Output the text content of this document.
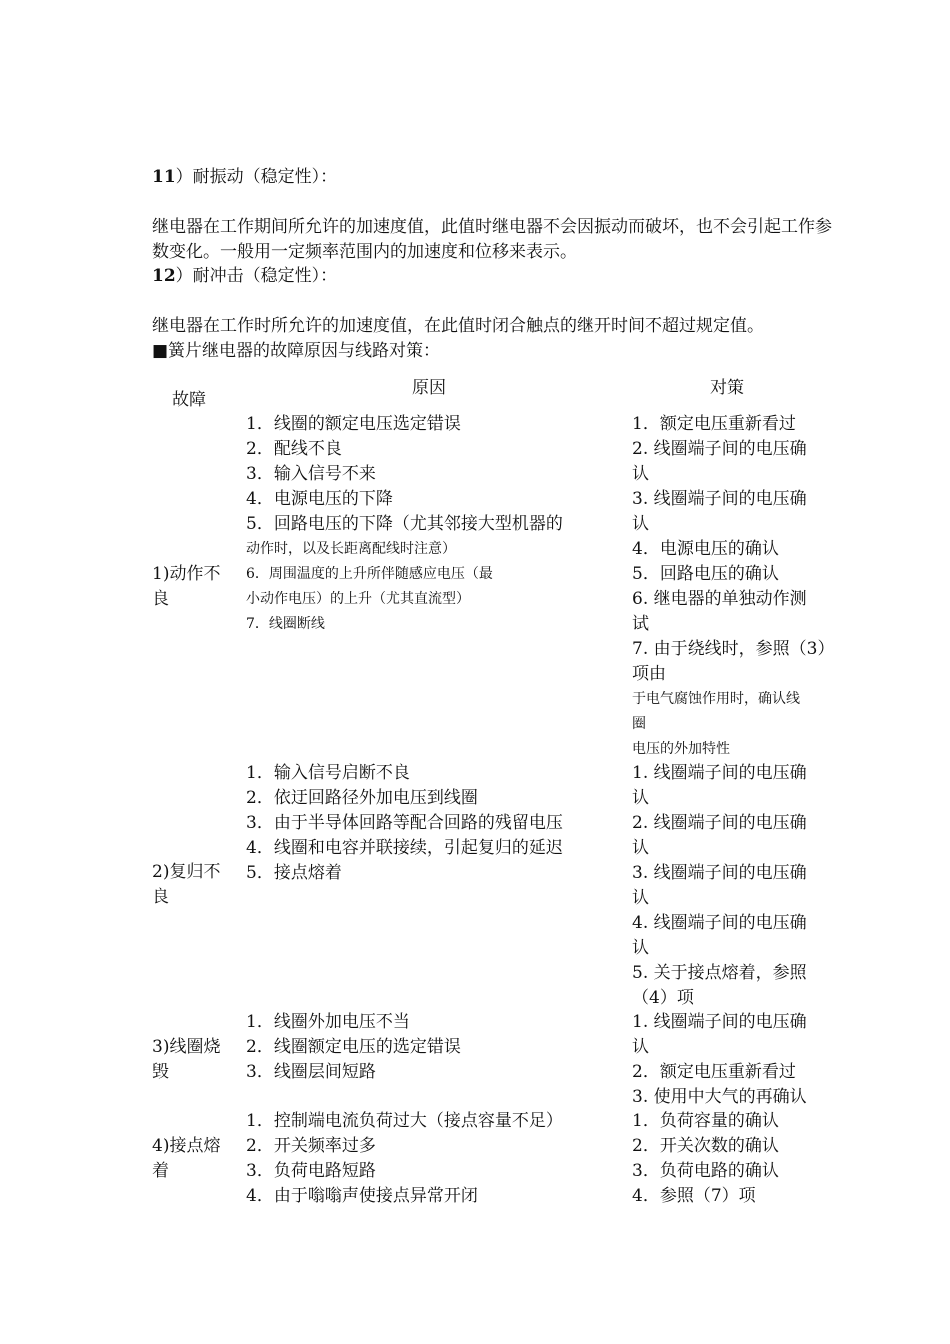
11）耐振动（稳定性）：

继电器在工作期间所允许的加速度值，此值时继电器不会因振动而破坏，也不会引起工作参数变化。一般用一定频率范围内的加速度和位移来表示。

12）耐冲击（稳定性）：

继电器在工作时所允许的加速度值，在此值时闭合触点的继开时间不超过规定值。

■簧片继电器的故障原因与线路对策：
故障
原因	对策
1)动作不
良
1．线圈的额定电压选定错误
2．配线不良
3．输入信号不来
4．电源电压的下降
5．回路电压的下降（尤其邻接大型机器的
动作时，以及长距离配线时注意）
6．周围温度的上升所伴随感应电压（最
小动作电压）的上升（尤其直流型）
7．线圈断线
1．额定电压重新看过
2. 线圈端子间的电压确
认
3. 线圈端子间的电压确
认
4．电源电压的确认
5．回路电压的确认
6. 继电器的单独动作测
试
7. 由于绕线时，参照（3）
项由
于电气腐蚀作用时，确认线
圈
电压的外加特性
2)复归不
良
1．输入信号启断不良
2．依迂回路径外加电压到线圈
3．由于半导体回路等配合回路的残留电压
4．线圈和电容并联接续，引起复归的延迟
5．接点熔着
1. 线圈端子间的电压确
认
2. 线圈端子间的电压确
认
3. 线圈端子间的电压确
认
4. 线圈端子间的电压确
认
5. 关于接点熔着，参照
（4）项
3)线圈烧
毁
1．线圈外加电压不当
2．线圈额定电压的选定错误
3．线圈层间短路
1. 线圈端子间的电压确
认
2．额定电压重新看过
3. 使用中大气的再确认
4)接点熔
着
1．控制端电流负荷过大（接点容量不足）
2．开关频率过多
3．负荷电路短路
4．由于嗡嗡声使接点异常开闭
1．负荷容量的确认
2．开关次数的确认
3．负荷电路的确认
4．参照（7）项
